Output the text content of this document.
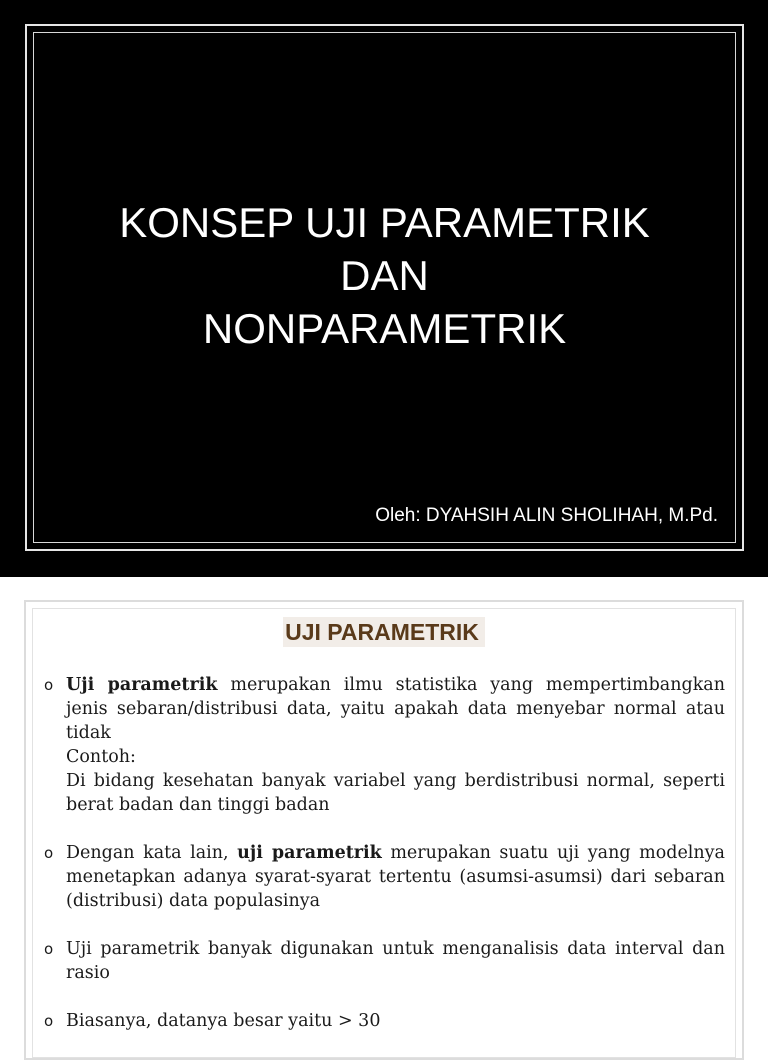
KONSEP UJI PARAMETRIK
DAN
NONPARAMETRIK
Oleh: DYAHSIH ALIN SHOLIHAH, M.Pd.
UJI PARAMETRIK
o Uji parametrik merupakan ilmu statistika yang mempertimbangkan jenis sebaran/distribusi data, yaitu apakah data menyebar normal atau tidak
Contoh:
Di bidang kesehatan banyak variabel yang berdistribusi normal, seperti berat badan dan tinggi badan
o Dengan kata lain, uji parametrik merupakan suatu uji yang modelnya menetapkan adanya syarat-syarat tertentu (asumsi-asumsi) dari sebaran (distribusi) data populasinya
o Uji parametrik banyak digunakan untuk menganalisis data interval dan rasio
o Biasanya, datanya besar yaitu > 30
